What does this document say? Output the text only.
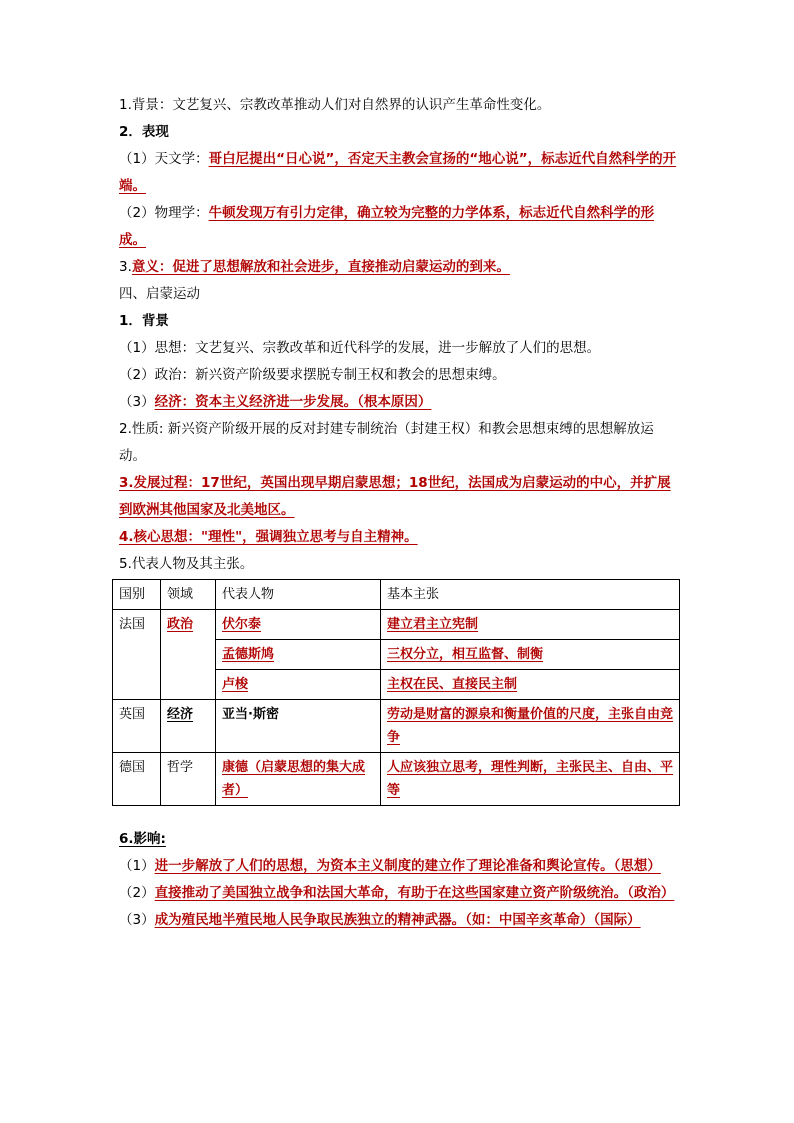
1.背景：文艺复兴、宗教改革推动人们对自然界的认识产生革命性变化。
2．表现
（1）天文学：哥白尼提出“日心说”，否定天主教会宣扬的“地心说”，标志近代自然科学的开端。
（2）物理学：牛顿发现万有引力定律，确立较为完整的力学体系，标志近代自然科学的形成。
3.意义：促进了思想解放和社会进步，直接推动启蒙运动的到来。
四、启蒙运动
1．背景
（1）思想：文艺复兴、宗教改革和近代科学的发展，进一步解放了人们的思想。
（2）政治：新兴资产阶级要求摆脱专制王权和教会的思想束缚。
（3）经济：资本主义经济进一步发展。（根本原因）
2.性质: 新兴资产阶级开展的反对封建专制统治（封建王权）和教会思想束缚的思想解放运动。
3.发展过程：17世纪，英国出现早期启蒙思想；18世纪，法国成为启蒙运动的中心，并扩展到欧洲其他国家及北美地区。
4.核心思想："理性"，强调独立思考与自主精神。
5.代表人物及其主张。
国别	领域	代表人物	基本主张
法国	政治	伏尔泰	建立君主立宪制
		孟德斯鸠	三权分立，相互监督、制衡
		卢梭	主权在民、直接民主制
英国	经济	亚当·斯密	劳动是财富的源泉和衡量价值的尺度，主张自由竞争
德国	哲学	康德（启蒙思想的集大成者）	人应该独立思考，理性判断，主张民主、自由、平等
6.影响:
（1）进一步解放了人们的思想，为资本主义制度的建立作了理论准备和舆论宣传。（思想）
（2）直接推动了美国独立战争和法国大革命，有助于在这些国家建立资产阶级统治。（政治）
（3）成为殖民地半殖民地人民争取民族独立的精神武器。（如：中国辛亥革命）（国际）
